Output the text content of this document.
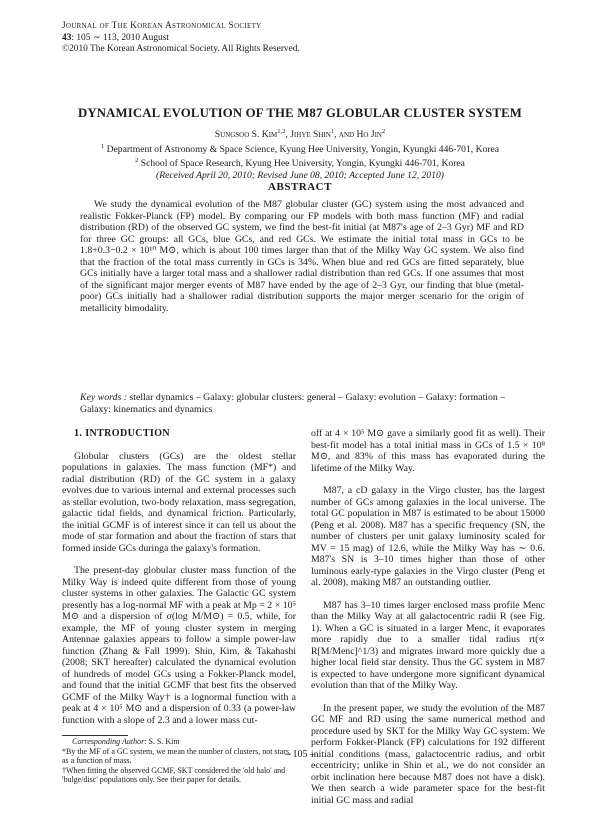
Journal of The Korean Astronomical Society
43: 105 ∼ 113, 2010 August
©2010 The Korean Astronomical Society. All Rights Reserved.
DYNAMICAL EVOLUTION OF THE M87 GLOBULAR CLUSTER SYSTEM
Sungsoo S. Kim$^{1,2}$, Jihye Shin$^1$, and Ho Jin$^2$
$^1$ Department of Astronomy & Space Science, Kyung Hee University, Yongin, Kyungki 446-701, Korea
$^2$ School of Space Research, Kyung Hee University, Yongin, Kyungki 446-701, Korea
(Received April 20, 2010; Revised June 08, 2010; Accepted June 12, 2010)
ABSTRACT
We study the dynamical evolution of the M87 globular cluster (GC) system using the most advanced and realistic Fokker-Planck (FP) model. By comparing our FP models with both mass function (MF) and radial distribution (RD) of the observed GC system, we find the best-fit initial (at M87's age of 2–3 Gyr) MF and RD for three GC groups: all GCs, blue GCs, and red GCs. We estimate the initial total mass in GCs to be 1.8+0.3−0.2 × 10¹⁰ M⊙, which is about 100 times larger than that of the Milky Way GC system. We also find that the fraction of the total mass currently in GCs is 34%. When blue and red GCs are fitted separately, blue GCs initially have a larger total mass and a shallower radial distribution than red GCs. If one assumes that most of the significant major merger events of M87 have ended by the age of 2–3 Gyr, our finding that blue (metal-poor) GCs initially had a shallower radial distribution supports the major merger scenario for the origin of metallicity bimodality.
Key words : stellar dynamics – Galaxy: globular clusters: general – Galaxy: evolution – Galaxy: formation – Galaxy: kinematics and dynamics

1. INTRODUCTION

Globular clusters (GCs) are the oldest stellar populations in galaxies. The mass function (MF*) and radial distribution (RD) of the GC system in a galaxy evolves due to various internal and external processes such as stellar evolution, two-body relaxation, mass segregation, galactic tidal fields, and dynamical friction. Particularly, the initial GCMF is of interest since it can tell us about the mode of star formation and about the fraction of stars that formed inside GCs duringa the galaxy's formation.

The present-day globular cluster mass function of the Milky Way is indeed quite different from those of young cluster systems in other galaxies. The Galactic GC system presently has a log-normal MF with a peak at Mp = 2 × 10⁵ M⊙ and a dispersion of σ(log M/M⊙) = 0.5, while, for example, the MF of young cluster system in merging Antennae galaxies appears to follow a simple power-law function (Zhang & Fall 1999). Shin, Kim, & Takahashi (2008; SKT hereafter) calculated the dynamical evolution of hundreds of model GCs using a Fokker-Planck model, and found that the initial GCMF that best fits the observed GCMF of the Milky Way† is a lognormal function with a peak at 4 × 10⁵ M⊙ and a dispersion of 0.33 (a power-law function with a slope of 2.3 and a lower mass cut-

off at 4 × 10⁵ M⊙ gave a similarly good fit as well). Their best-fit model has a total initial mass in GCs of 1.5 × 10⁸ M⊙, and 83% of this mass has evaporated during the lifetime of the Milky Way.

M87, a cD galaxy in the Virgo cluster, has the largest number of GCs among galaxies in the local universe. The total GC population in M87 is estimated to be about 15000 (Peng et al. 2008). M87 has a specific frequency (SN, the number of clusters per unit galaxy luminosity scaled for MV = 15 mag) of 12.6, while the Milky Way has ∼ 0.6. M87's SN is 3–10 times higher than those of other luminous early-type galaxies in the Virgo cluster (Peng et al. 2008), making M87 an outstanding outlier.

M87 has 3–10 times larger enclosed mass profile Menc than the Milky Way at all galactocentric radii R (see Fig. 1). When a GC is situated in a larger Menc, it evaporates more rapidly due to a smaller tidal radius rt(∝ R[M/Menc]^1/3) and migrates inward more quickly due a higher local field star density. Thus the GC system in M87 is expected to have undergone more significant dynamical evolution than that of the Milky Way.

In the present paper, we study the evolution of the M87 GC MF and RD using the same numerical method and procedure used by SKT for the Milky Way GC system. We perform Fokker-Planck (FP) calculations for 192 different initial conditions (mass, galactocentric radius, and orbit eccentricity; unlike in Shin et al., we do not consider an orbit inclination here because M87 does not have a disk). We then search a wide parameter space for the best-fit initial GC mass and radial

Corresponding Author: S. S. Kim
*By the MF of a GC system, we mean the number of clusters, not stars, as a function of mass.
†When fitting the observed GCMF, SKT considered the 'old halo' and 'bulge/disc' populations only. See their paper for details.
– 105 –
